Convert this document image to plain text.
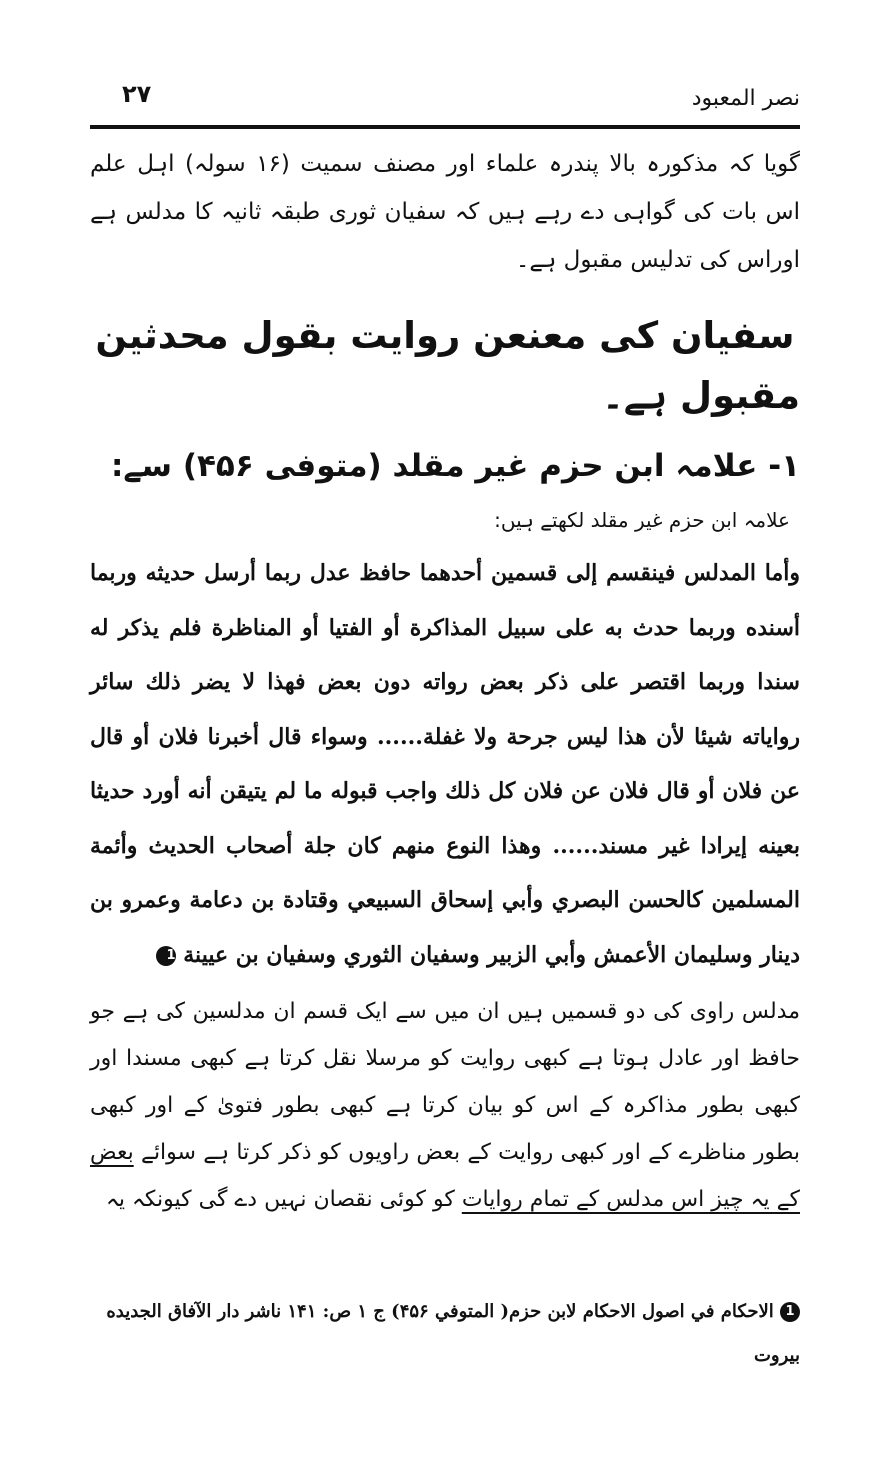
۲۷	نصر المعبود

گویا کہ مذکورہ بالا پندرہ علماء اور مصنف سمیت (۱۶ سولہ) اہل علم اس بات کی گواہی دے رہے ہیں کہ سفیان ثوری طبقہ ثانیہ کا مدلس ہے اوراس کی تدلیس مقبول ہے۔

سفیان کی معنعن روایت بقول محدثین مقبول ہے۔
۱- علامہ ابن حزم غیر مقلد (متوفی ۴۵۶) سے:

علامہ ابن حزم غیر مقلد لکھتے ہیں:

وأما المدلس فينقسم إلى قسمين أحدهما حافظ عدل ربما أرسل حديثه وربما أسنده وربما حدث به على سبيل المذاكرة أو الفتيا أو المناظرة فلم يذكر له سندا وربما اقتصر على ذكر بعض رواته دون بعض فهذا لا يضر ذلك سائر رواياته شيئا لأن هذا ليس جرحة ولا غفلة...... وسواء قال أخبرنا فلان أو قال عن فلان أو قال فلان عن فلان كل ذلك واجب قبوله ما لم يتيقن أنه أورد حديثا بعينه إيرادا غير مسند...... وهذا النوع منهم كان جلة أصحاب الحديث وأئمة المسلمين كالحسن البصري وأبي إسحاق السبيعي وقتادة بن دعامة وعمرو بن دينار وسليمان الأعمش وأبي الزبير وسفيان الثوري وسفيان بن عيينة 1

مدلس راوی کی دو قسمیں ہیں ان میں سے ایک قسم ان مدلسین کی ہے جو حافظ اور عادل ہوتا ہے کبھی روایت کو مرسلا نقل کرتا ہے کبھی مسندا اور کبھی بطور مذاکرہ کے اس کو بیان کرتا ہے کبھی بطور فتویٰ کے اور کبھی بطور مناظرے کے اور کبھی روایت کے بعض راویوں کو ذکر کرتا ہے سوائے بعض کے یہ چیز اس مدلس کے تمام روایات کو کوئی نقصان نہیں دے گی کیونکہ یہ

1 الاحكام في اصول الاحكام لابن حزم( المتوفي ۴۵۶) ج ۱ ص: ۱۴۱ ناشر دار الآفاق الجديده بيروت
